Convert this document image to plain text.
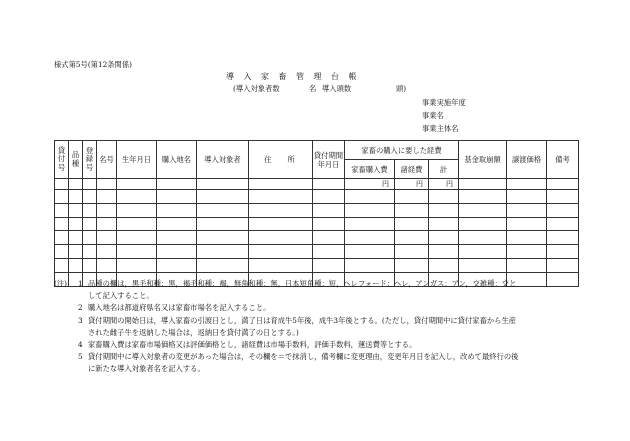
様式第5号(第12条関係)
導入家畜管理台帳
(導入対象者数	名 導入頭数	頭)
事業実施年度
事業名
事業主体名
貸付号	品種	登録号	名号	生年月日	購入地名	導入対象者	住所	貸付期間年月日	家畜の購入に要した経費			基金取崩額	譲渡価格	備考
									家畜購入費	諸経費	計			
									円	円	円			

(注) 1 品種の欄は，黒毛和種：黒，褐毛和種：褐，無角和種：無，日本短角種：短，ヘレフォード：ヘレ，アンガス：アン，交雑種：交と
して記入すること。
2 購入地名は都道府県名又は家畜市場名を記入すること。
3 貸付期間の開始日は，導入家畜の引渡日とし，満了日は育成牛5年後，成牛3年後とする。(ただし，貸付期間中に貸付家畜から生産
された雌子牛を返納した場合は，返納日を貸付満了の日とする。)
4 家畜購入費は家畜市場価格又は評価価格とし，諸経費は市場手数料，評価手数料，運送費等とする。
5 貸付期間中に導入対象者の変更があった場合は，その欄を＝で抹消し，備考欄に変更理由，変更年月日を記入し，改めて最終行の後
に新たな導入対象者名を記入する。
